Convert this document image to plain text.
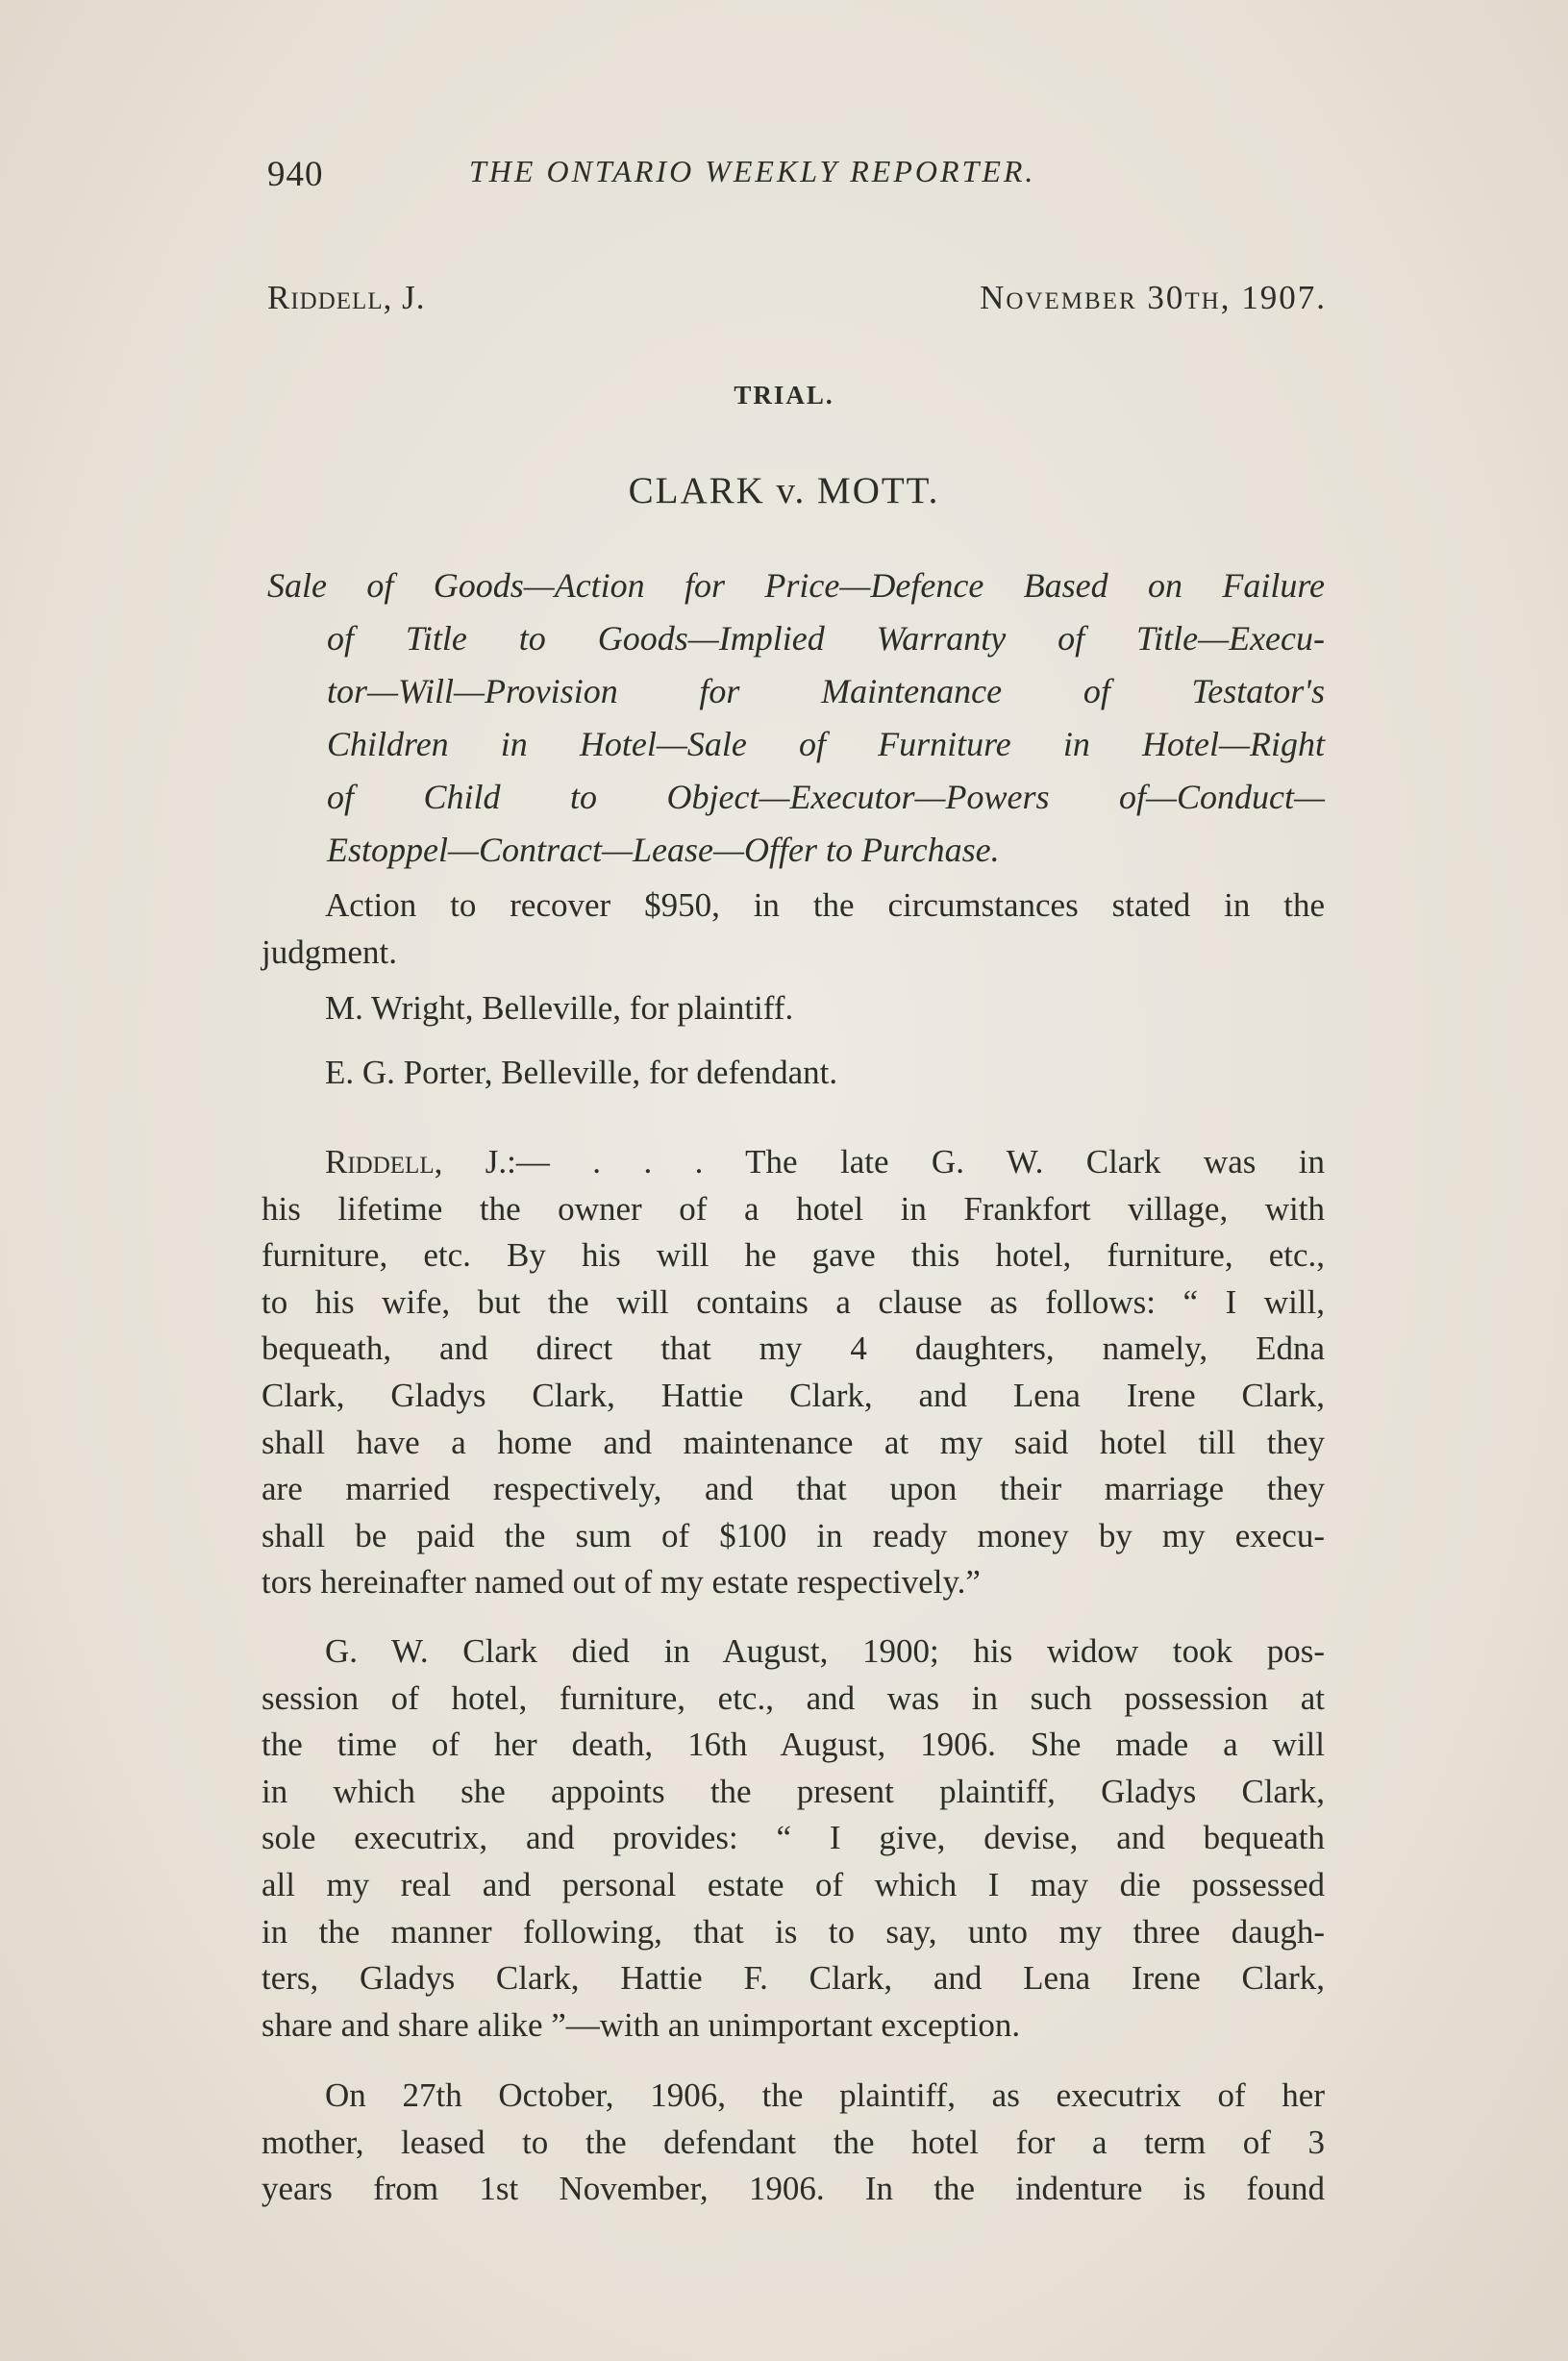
940	THE ONTARIO WEEKLY REPORTER.
Riddell, J.	November 30th, 1907.
TRIAL.
CLARK v. MOTT.
Sale of Goods—Action for Price—Defence Based on Failure
of Title to Goods—Implied Warranty of Title—Execu-
tor—Will—Provision for Maintenance of Testator's
Children in Hotel—Sale of Furniture in Hotel—Right
of Child to Object—Executor—Powers of—Conduct—
Estoppel—Contract—Lease—Offer to Purchase.
Action to recover $950, in the circumstances stated in the
judgment.
M. Wright, Belleville, for plaintiff.
E. G. Porter, Belleville, for defendant.
Riddell, J.:— . . . The late G. W. Clark was in
his lifetime the owner of a hotel in Frankfort village, with
furniture, etc. By his will he gave this hotel, furniture, etc.,
to his wife, but the will contains a clause as follows: “ I will,
bequeath, and direct that my 4 daughters, namely, Edna
Clark, Gladys Clark, Hattie Clark, and Lena Irene Clark,
shall have a home and maintenance at my said hotel till they
are married respectively, and that upon their marriage they
shall be paid the sum of $100 in ready money by my execu-
tors hereinafter named out of my estate respectively.”
G. W. Clark died in August, 1900; his widow took pos-
session of hotel, furniture, etc., and was in such possession at
the time of her death, 16th August, 1906. She made a will
in which she appoints the present plaintiff, Gladys Clark,
sole executrix, and provides: “ I give, devise, and bequeath
all my real and personal estate of which I may die possessed
in the manner following, that is to say, unto my three daugh-
ters, Gladys Clark, Hattie F. Clark, and Lena Irene Clark,
share and share alike ”—with an unimportant exception.
On 27th October, 1906, the plaintiff, as executrix of her
mother, leased to the defendant the hotel for a term of 3
years from 1st November, 1906. In the indenture is found
